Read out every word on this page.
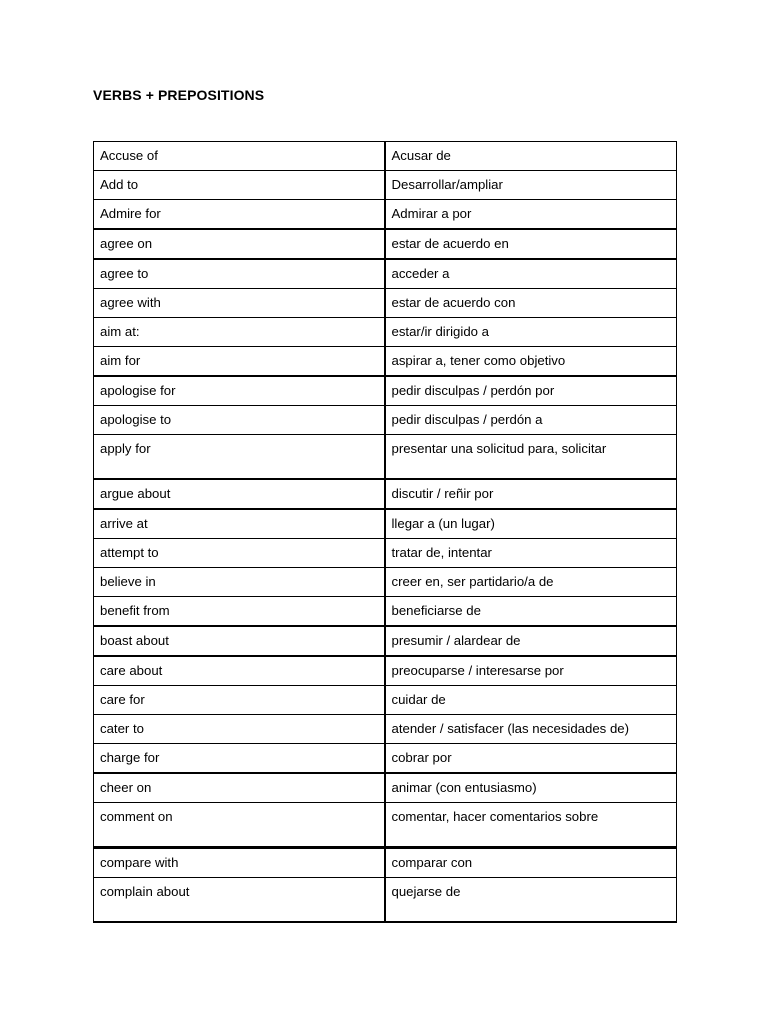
VERBS + PREPOSITIONS
Accuse of	Acusar de
Add to	Desarrollar/ampliar
Admire for	Admirar a por
agree on	estar de acuerdo en
agree to	acceder a
agree with	estar de acuerdo con
aim at:	estar/ir dirigido a
aim for	aspirar a, tener como objetivo
apologise for	pedir disculpas / perdón por
apologise to	pedir disculpas / perdón a
apply for	presentar una solicitud para, solicitar
argue about	discutir / reñir por
arrive at	llegar a (un lugar)
attempt to	tratar de, intentar
believe in	creer en, ser partidario/a de
benefit from	beneficiarse de
boast about	presumir / alardear de
care about	preocuparse / interesarse por
care for	cuidar de
cater to	atender / satisfacer (las necesidades de)
charge for	cobrar por
cheer on	animar (con entusiasmo)
comment on	comentar, hacer comentarios sobre
compare with	comparar con
complain about	quejarse de
